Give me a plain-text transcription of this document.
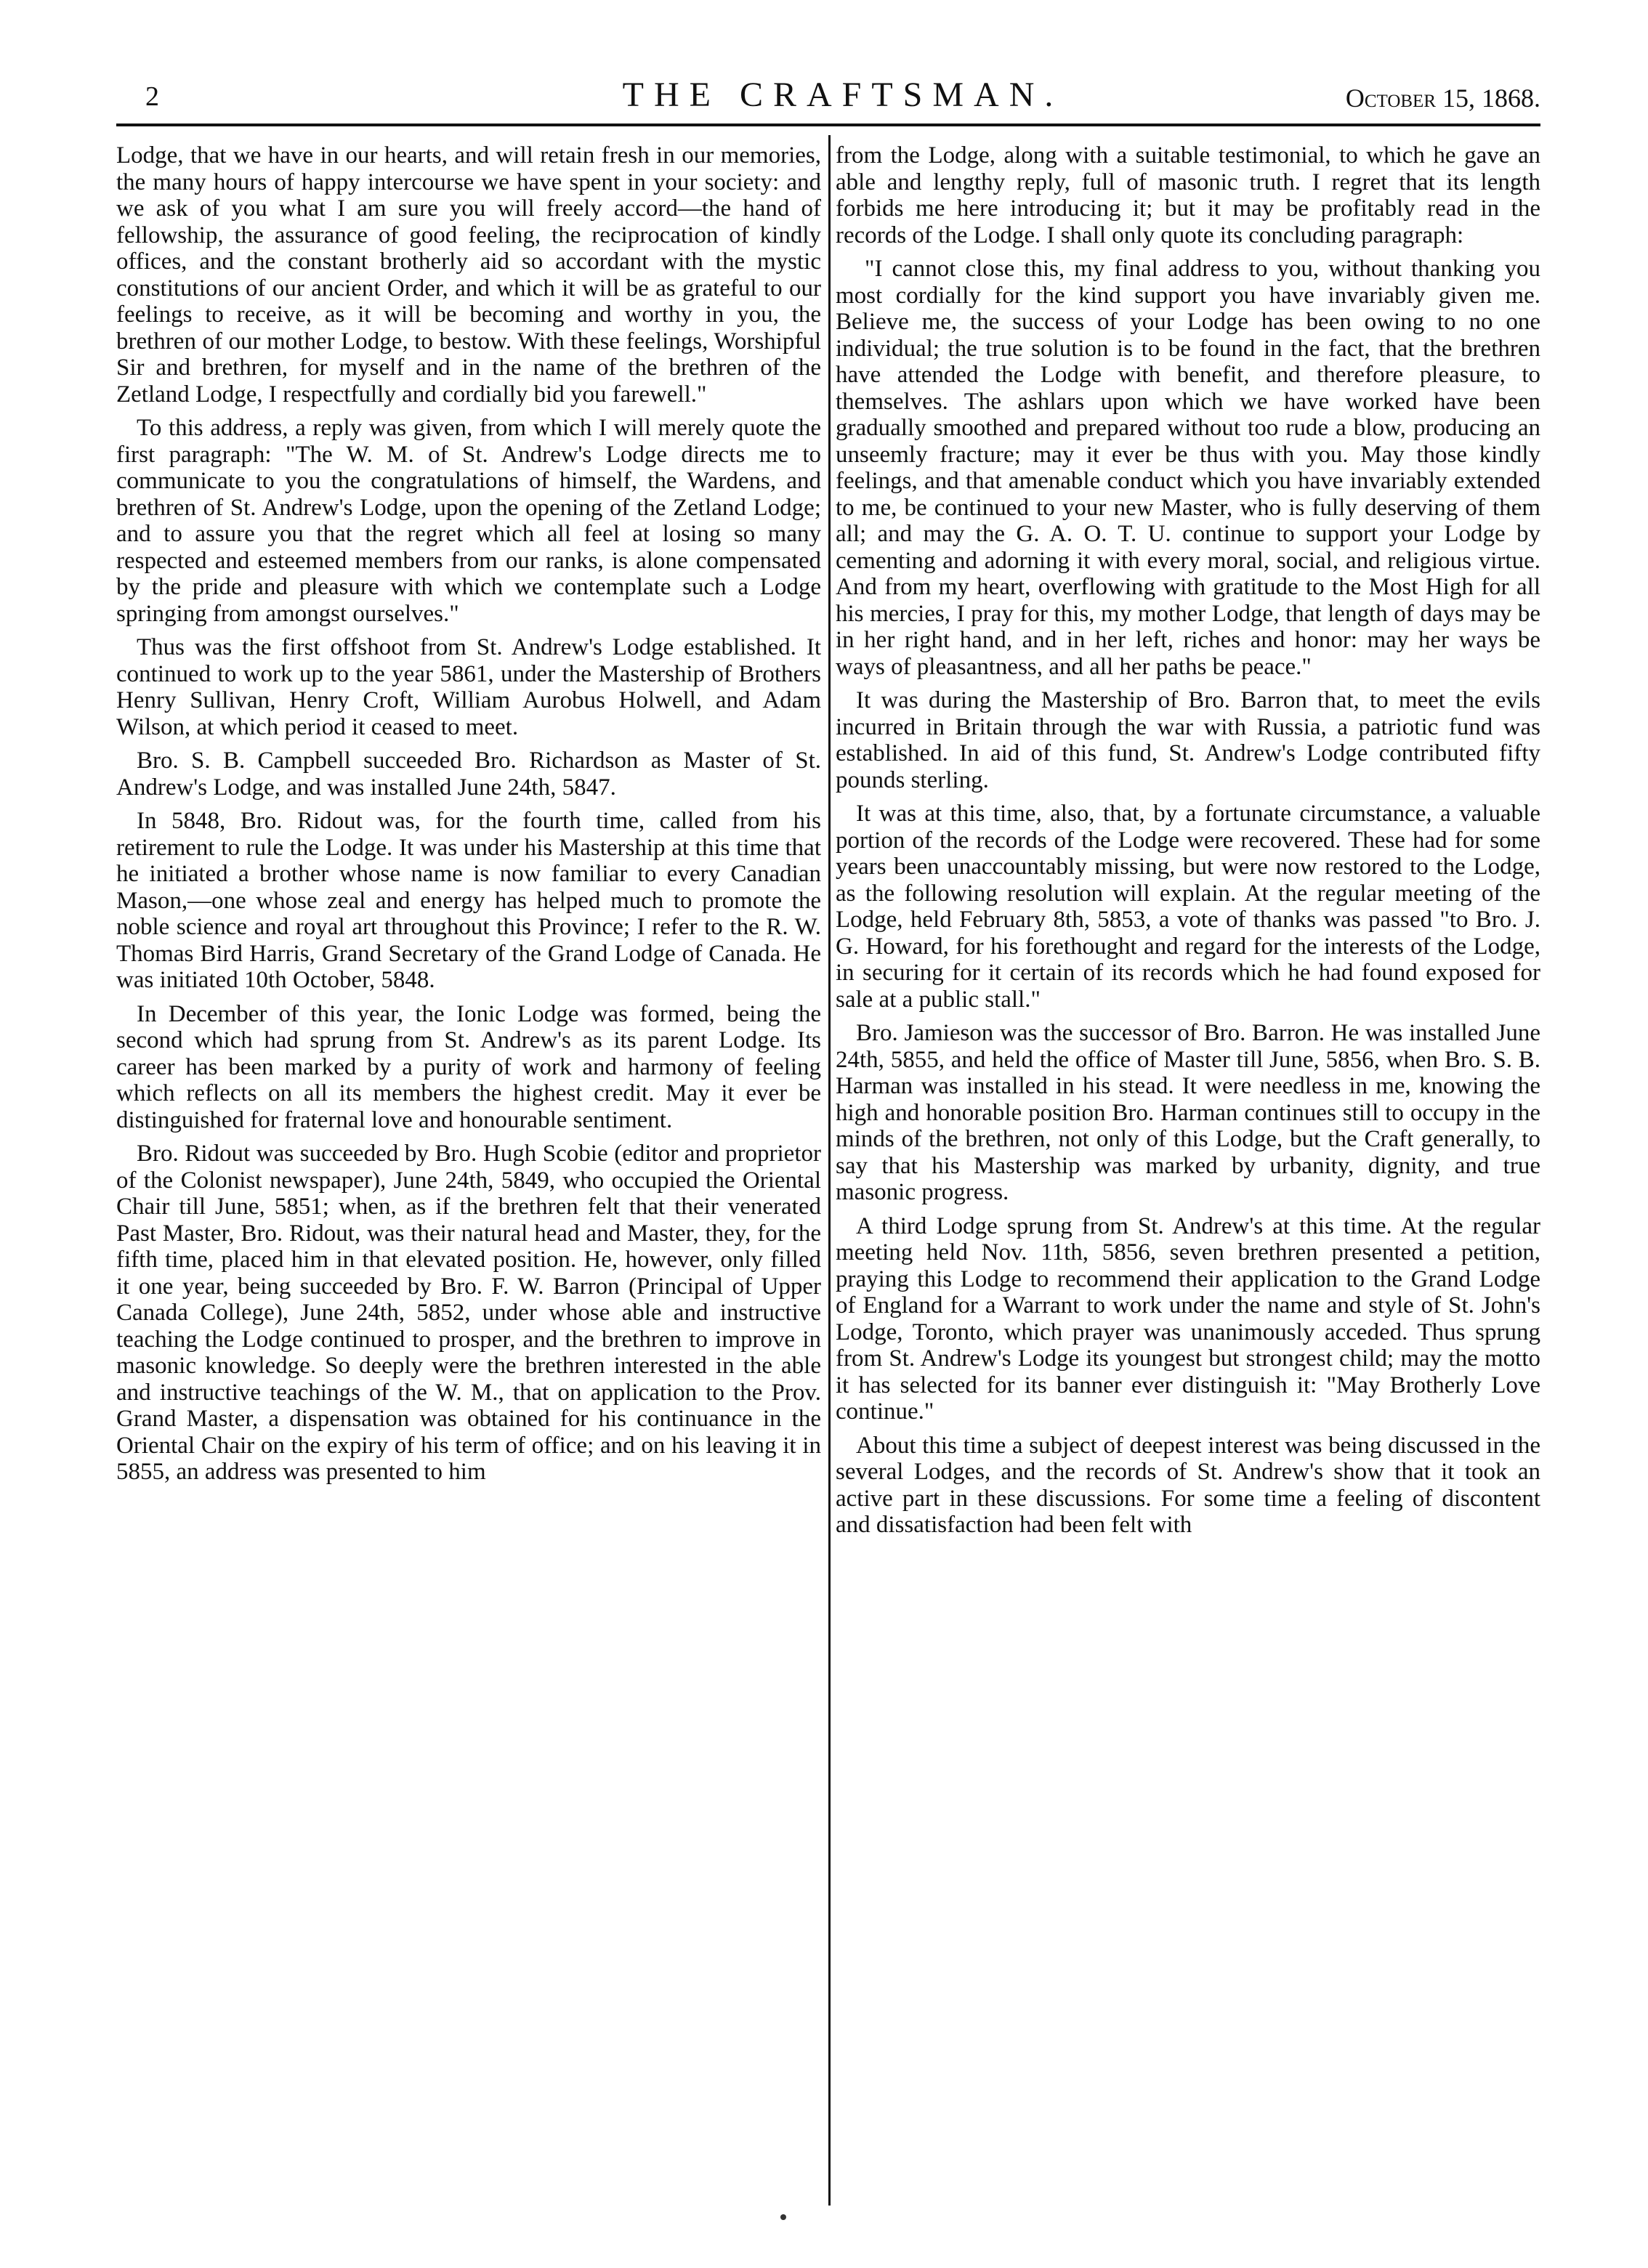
2	THE CRAFTSMAN.	October 15, 1868.

Lodge, that we have in our hearts, and will retain fresh in our memories, the many hours of happy intercourse we have spent in your society: and we ask of you what I am sure you will freely accord—the hand of fellowship, the assurance of good feeling, the reciprocation of kindly offices, and the constant brotherly aid so accordant with the mystic constitutions of our ancient Order, and which it will be as grateful to our feelings to receive, as it will be becoming and worthy in you, the brethren of our mother Lodge, to bestow. With these feelings, Worshipful Sir and brethren, for myself and in the name of the brethren of the Zetland Lodge, I respectfully and cordially bid you farewell."

To this address, a reply was given, from which I will merely quote the first paragraph: "The W. M. of St. Andrew's Lodge directs me to communicate to you the congratulations of himself, the Wardens, and brethren of St. Andrew's Lodge, upon the opening of the Zetland Lodge; and to assure you that the regret which all feel at losing so many respected and esteemed members from our ranks, is alone compensated by the pride and pleasure with which we contemplate such a Lodge springing from amongst ourselves."

Thus was the first offshoot from St. Andrew's Lodge established. It continued to work up to the year 5861, under the Mastership of Brothers Henry Sullivan, Henry Croft, William Aurobus Holwell, and Adam Wilson, at which period it ceased to meet.

Bro. S. B. Campbell succeeded Bro. Richardson as Master of St. Andrew's Lodge, and was installed June 24th, 5847.

In 5848, Bro. Ridout was, for the fourth time, called from his retirement to rule the Lodge. It was under his Mastership at this time that he initiated a brother whose name is now familiar to every Canadian Mason,—one whose zeal and energy has helped much to promote the noble science and royal art throughout this Province; I refer to the R. W. Thomas Bird Harris, Grand Secretary of the Grand Lodge of Canada. He was initiated 10th October, 5848.

In December of this year, the Ionic Lodge was formed, being the second which had sprung from St. Andrew's as its parent Lodge. Its career has been marked by a purity of work and harmony of feeling which reflects on all its members the highest credit. May it ever be distinguished for fraternal love and honourable sentiment.

Bro. Ridout was succeeded by Bro. Hugh Scobie (editor and proprietor of the Colonist newspaper), June 24th, 5849, who occupied the Oriental Chair till June, 5851; when, as if the brethren felt that their venerated Past Master, Bro. Ridout, was their natural head and Master, they, for the fifth time, placed him in that elevated position. He, however, only filled it one year, being succeeded by Bro. F. W. Barron (Principal of Upper Canada College), June 24th, 5852, under whose able and instructive teaching the Lodge continued to prosper, and the brethren to improve in masonic knowledge. So deeply were the brethren interested in the able and instructive teachings of the W. M., that on application to the Prov. Grand Master, a dispensation was obtained for his continuance in the Oriental Chair on the expiry of his term of office; and on his leaving it in 5855, an address was presented to him

from the Lodge, along with a suitable testimonial, to which he gave an able and lengthy reply, full of masonic truth. I regret that its length forbids me here introducing it; but it may be profitably read in the records of the Lodge. I shall only quote its concluding paragraph:

"I cannot close this, my final address to you, without thanking you most cordially for the kind support you have invariably given me. Believe me, the success of your Lodge has been owing to no one individual; the true solution is to be found in the fact, that the brethren have attended the Lodge with benefit, and therefore pleasure, to themselves. The ashlars upon which we have worked have been gradually smoothed and prepared without too rude a blow, producing an unseemly fracture; may it ever be thus with you. May those kindly feelings, and that amenable conduct which you have invariably extended to me, be continued to your new Master, who is fully deserving of them all; and may the G. A. O. T. U. continue to support your Lodge by cementing and adorning it with every moral, social, and religious virtue. And from my heart, overflowing with gratitude to the Most High for all his mercies, I pray for this, my mother Lodge, that length of days may be in her right hand, and in her left, riches and honor: may her ways be ways of pleasantness, and all her paths be peace."

It was during the Mastership of Bro. Barron that, to meet the evils incurred in Britain through the war with Russia, a patriotic fund was established. In aid of this fund, St. Andrew's Lodge contributed fifty pounds sterling.

It was at this time, also, that, by a fortunate circumstance, a valuable portion of the records of the Lodge were recovered. These had for some years been unaccountably missing, but were now restored to the Lodge, as the following resolution will explain. At the regular meeting of the Lodge, held February 8th, 5853, a vote of thanks was passed "to Bro. J. G. Howard, for his forethought and regard for the interests of the Lodge, in securing for it certain of its records which he had found exposed for sale at a public stall."

Bro. Jamieson was the successor of Bro. Barron. He was installed June 24th, 5855, and held the office of Master till June, 5856, when Bro. S. B. Harman was installed in his stead. It were needless in me, knowing the high and honorable position Bro. Harman continues still to occupy in the minds of the brethren, not only of this Lodge, but the Craft generally, to say that his Mastership was marked by urbanity, dignity, and true masonic progress.

A third Lodge sprung from St. Andrew's at this time. At the regular meeting held Nov. 11th, 5856, seven brethren presented a petition, praying this Lodge to recommend their application to the Grand Lodge of England for a Warrant to work under the name and style of St. John's Lodge, Toronto, which prayer was unanimously acceded. Thus sprung from St. Andrew's Lodge its youngest but strongest child; may the motto it has selected for its banner ever distinguish it: "May Brotherly Love continue."

About this time a subject of deepest interest was being discussed in the several Lodges, and the records of St. Andrew's show that it took an active part in these discussions. For some time a feeling of discontent and dissatisfaction had been felt with
